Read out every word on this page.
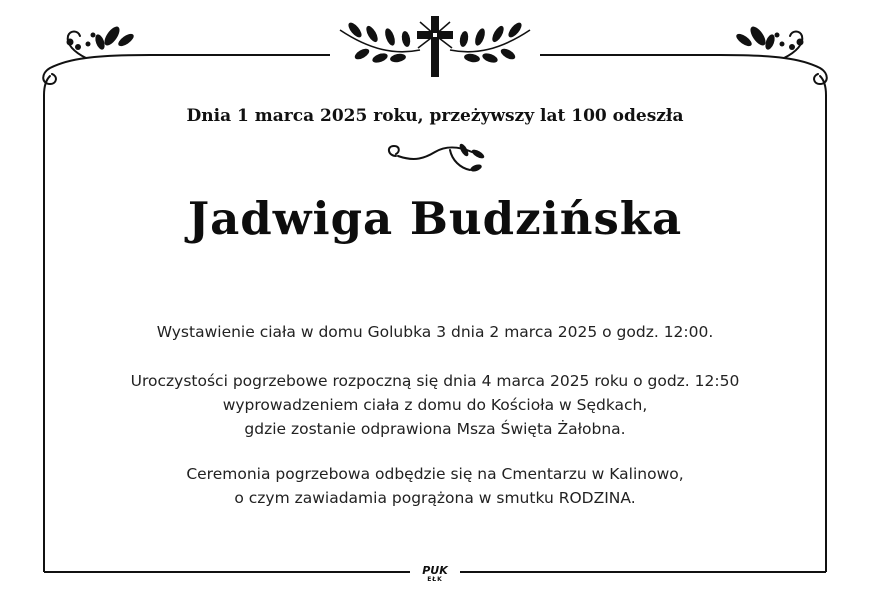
Dnia 1 marca 2025 roku, przeżywszy lat 100 odeszła

Jadwiga Budzińska

Wystawienie ciała w domu Golubka 3 dnia 2 marca 2025 o godz. 12:00.
Uroczystości pogrzebowe rozpoczną się dnia 4 marca 2025 roku o godz. 12:50
wyprowadzeniem ciała z domu do Kościoła w Sędkach,
gdzie zostanie odprawiona Msza Święta Żałobna.
Ceremonia pogrzebowa odbędzie się na Cmentarzu w Kalinowo,
o czym zawiadamia pogrążona w smutku RODZINA.
PUK
EŁK
